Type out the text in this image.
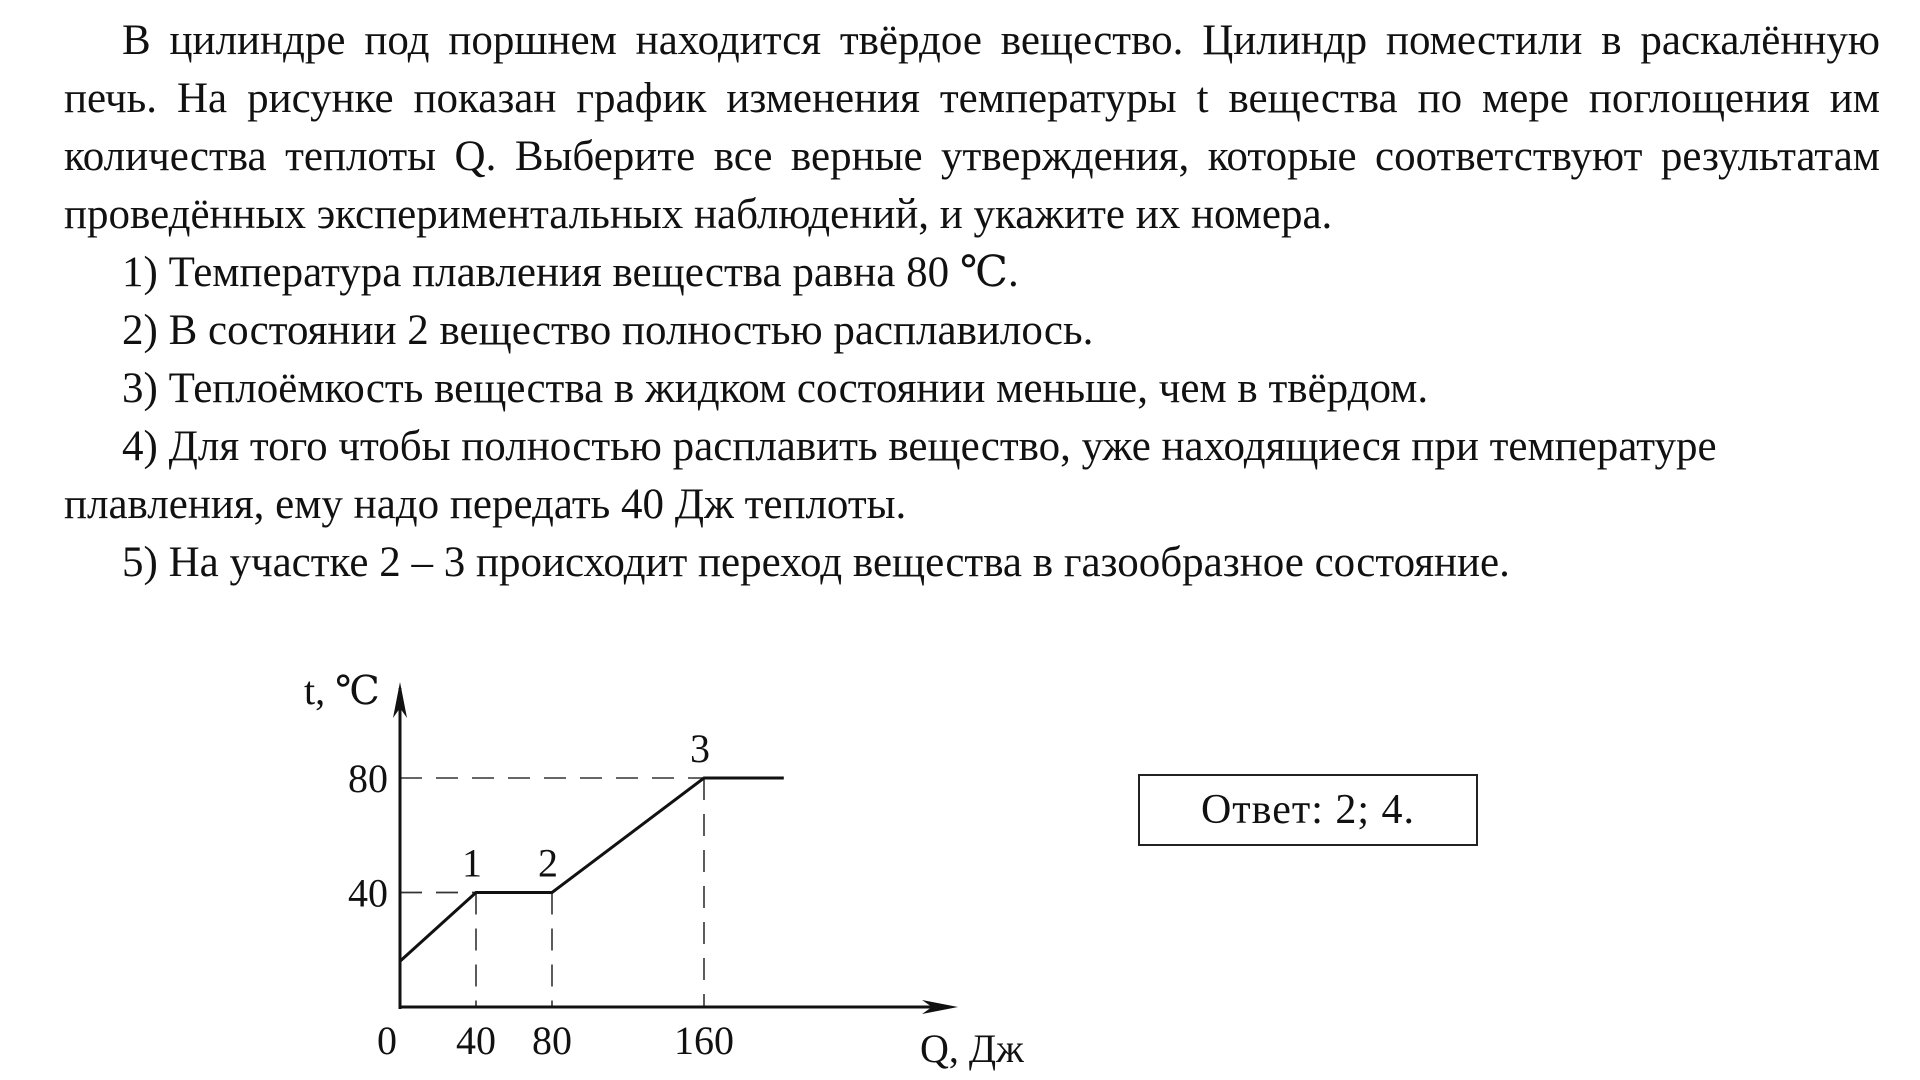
В цилиндре под поршнем находится твёрдое вещество. Цилиндр поместили в раскалённую печь. На рисунке показан график изменения температуры t вещества по мере поглощения им количества теплоты Q. Выберите все верные утверждения, которые соответствуют результатам проведённых экспериментальных наблюдений, и укажите их номера.

1) Температура плавления вещества равна 80 ℃.

2) В состоянии 2 вещество полностью расплавилось.

3) Теплоёмкость вещества в жидком состоянии меньше, чем в твёрдом.

4) Для того чтобы полностью расплавить вещество, уже находящиеся при температуре плавления, ему надо передать 40 Дж теплоты.

5) На участке 2 – 3 происходит переход вещества в газообразное состояние.

0 40 80	160
40
80
1 2
3
t, ℃
Q, Дж
Ответ:
2; 4.
